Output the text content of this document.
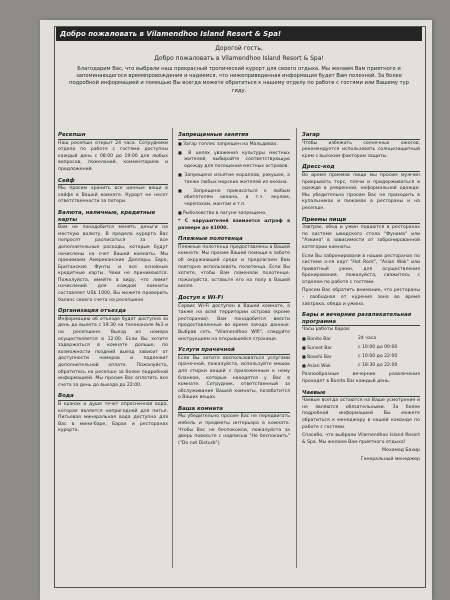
Добро пожаловать в Vilamendhoo Island Resort & Spa!
Дорогой гость,
Добро пожаловать в Vilamendhoo Island Resort & Spa!
Благодарим Вас, что выбрали наш прекрасный тропический курорт для своего отдыха. Мы желаем Вам приятного и запоминающегося времяпровождения и надеемся, что нижеприведенная информация будет Вам полезной. За более подробной информацией и помощью Вы всегда можете обратиться к нашему отделу по работе с гостями или Вашему тур гиду.
Ресепшн
Наш ресепшн открыт 24 часа. Сотрудники отдела по работе с гостями доступны каждый день с 08:00 до 19:00 для любых вопросов, пожеланий, комментариев и предложений.
Сейф
Мы просим хранить все ценные вещи в сейфе в Вашей комнате. Курорт не несет ответственности за потери.
Валюта, наличные, кредитные карты
Вам не понадобится менять деньги на местную валюту. В предела курорта Вас попросят расписаться за все дополнительные расходы, которые будут начислены на счет Вашей комнаты. Мы принимаем Американские Доллары, Евро, Британские Фунты и все основные кредитные карты. Чеки не принимаются. Пожалуйста, имейте в виду, что лимит начислений для каждой комнаты составляет US$ 1000, Вы можете проверить баланс своего счета на ресепшене.
Организация отъезда
Информацию об отъезде будет доступна за день до вылета с 19:30 на телеканале №3 и на ресепшене. Выезд из номера осуществляется в 12:00. Если Вы хотите задержаться в комнате дольше, по возможности поздний выезд зависит от доступности номеров и подлежит дополнительной оплате. Пожалуйста, обратитесь на ресепшн за более подробной информацией. Мы просим Вас оплатить все счета за день до выезда до 22:00.
Вода
В кранах и душе течет опресненная вода, которая является непригодной для питья. Питьевая минеральная вода доступна для Вас в мини-баре, Барах и ресторанах курорта.
Запрещенные занятия
■ Загар топлес запрещен на Мальдивах.
■ В целях уважения культуры местных жителей, выбирайте соответствующую одежду для посещения местных островов.
■ Запрещено изъятие кораллов, ракушек, а также любых морских жителей из океана.
■ Запрещено прикасаться к любым обитателям океана, в т.ч. акулам, черепахам, мантам и т.п.
■ Рыболовство в лагуне запрещено.
* С нарушителей взимается штраф в размере до $1000.
Пляжные полотенца
Пляжные полотенца предоставлены в Вашей комнате. Мы просим Вашей помощи в заботе об окружающей среде и предлагаем Вам повторно использовать полотенца. Если Вы хотите, чтобы Вам поменяли полотенце, пожалуйста, оставьте его на полу в Вашей вилле.
Доступ к Wi-Fi
Сервис Wi-Fi доступен в Вашей комнате, а также на всей территории острова (кроме ресторанов). Вам понадобится ввести предоставленные во время заезда данные. Выбрав сеть "Vilamendhoo Wifi", следуйте инструкциям на открывшейся странице.
Услуги прачечной
Если Вы хотите воспользоваться услугами прачечной, пожалуйста, используйте мешок для стирки вещей с приложенным к нему бланком, которые находятся у Вас в комнате. Сотрудник, ответственный за обслуживание Вашей комнаты, позаботится о Ваших вещах.
Ваша комната
Мы убедительно просим Вас не передвигать мебель и предметы интерьера в комнате. Чтобы Вас не беспокоили, пожалуйста за дверь повесьте с надписью "Не беспокоить" ("Do not Disturb").
Загар
Чтобы избежать солнечных ожогов, рекомендуется использовать солнцезащитный крем с высоким фактором защиты.
Дресс-код
Во время приемов пищи мы просим мужчин прикрывать торс, плечи и придерживаться в одежде в умеренной, неформальной одежде. Мы убедительно просим Вас не приходить в купальниках и пижамах в рестораны и на ресепшн.
Приемы пищи
Завтрак, обед и ужин подаются в ресторанах по системе шведского стола "Фунама" или "Азкина" в зависимости от забронированной категории комнаты.
Если Вы забронировали в наших ресторанах по системе а-ля карт "Hot Rock", "Asian Wok" или приватный ужин, для осуществления бронирования, пожалуйста, свяжитесь с отделом по работе с гостями.
Просим Вас обратить внимание, что рестораны – свободная от курения зона во время завтрака, обеда и ужина.
Бары и вечерние развлекательная программа
Часы работы баров:
■ Bonito Bar	24 часа
■ Sunset Bar	с 10:00 до 00:00
■ Boashi Bar	с 10:00 до 22:00
■ Asian Wok	с 18:30 до 22:00
Разнообразные вечерние развлечения проходят в Bonito Bar каждый день.
Чаевые
Чаевые всегда остаются на Ваше усмотрение и не являются обязательными. За более подробной информацией Вы можете обратиться к менеджеру в нашей команде по работе с гостями.
Спасибо, что выбрали Vilamendhoo Island Resort & Spa. Мы желаем Вам приятного отдыха!
Мохамед Бахир
Генеральный менеджер
